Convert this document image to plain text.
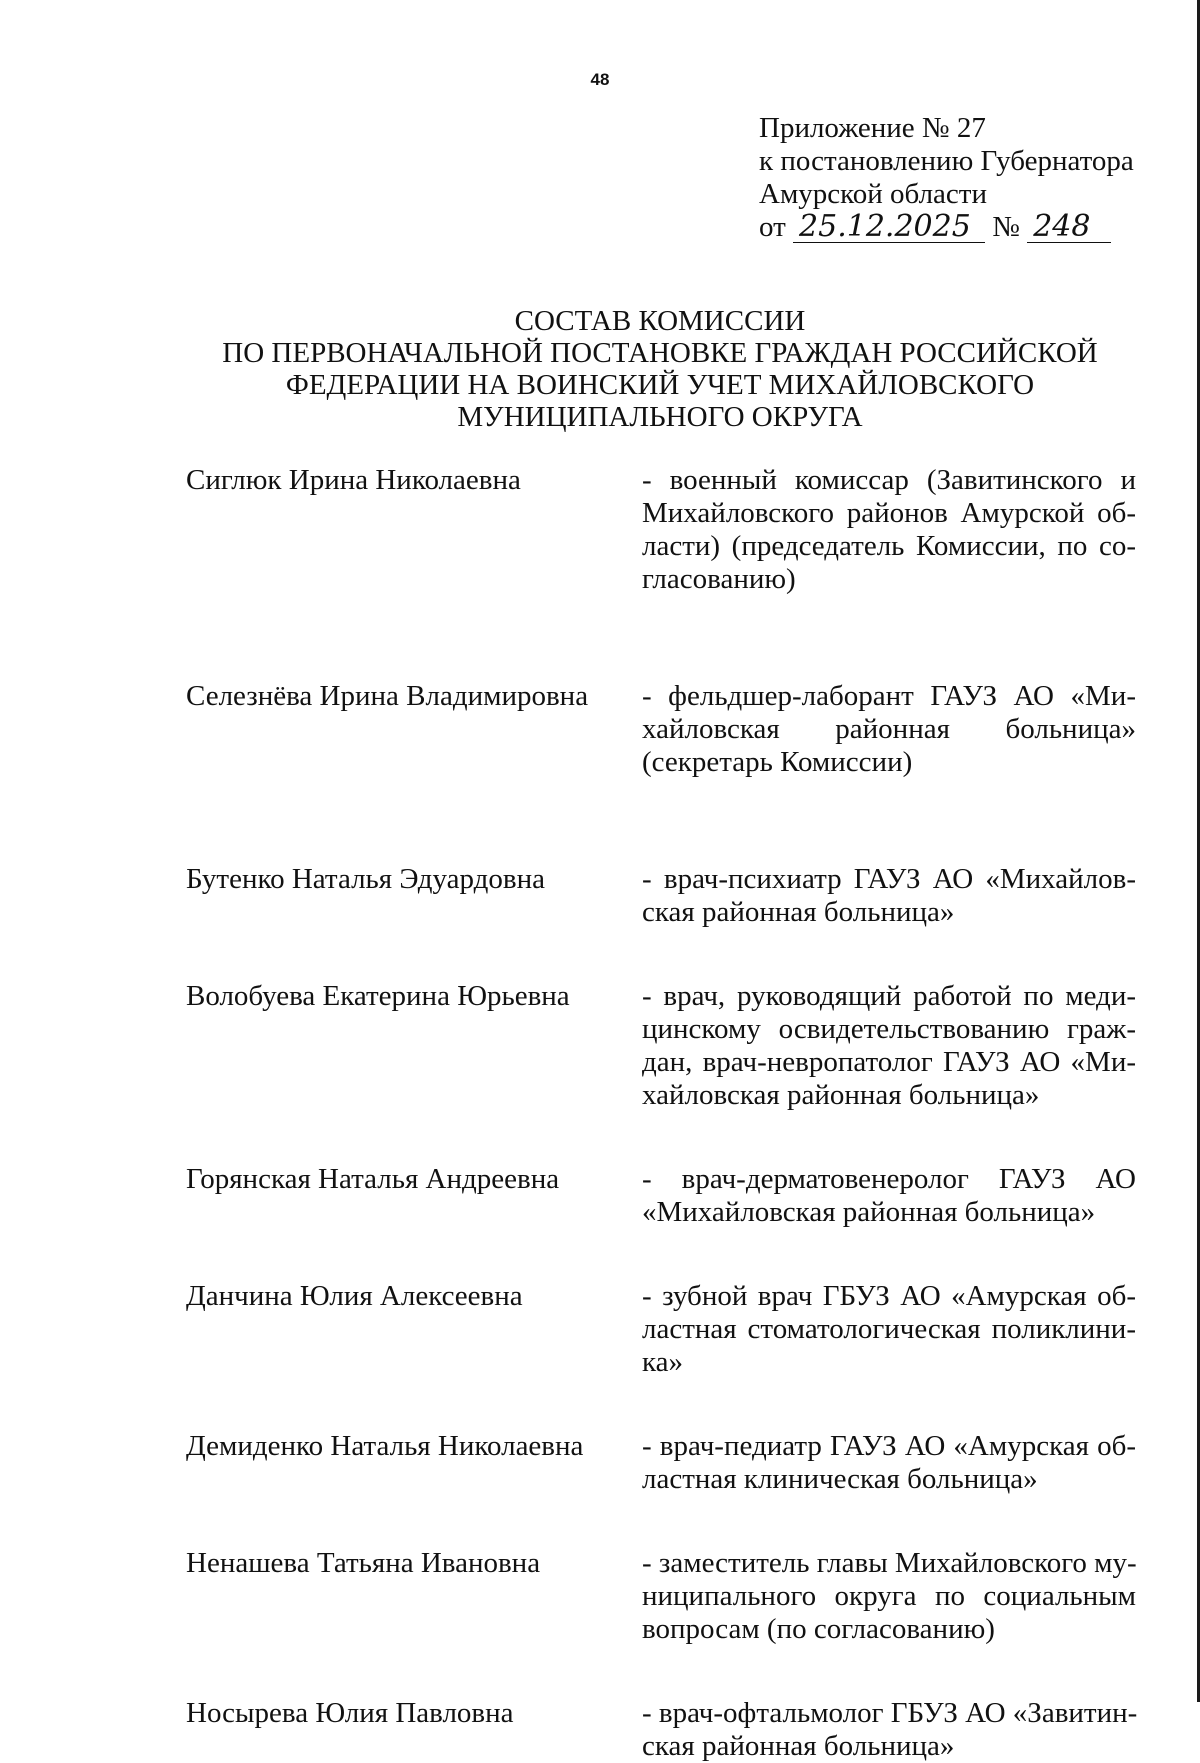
48
Приложение № 27
к постановлению Губернатора
Амурской области
от 25.12.2025 № 248
СОСТАВ КОМИССИИ
ПО ПЕРВОНАЧАЛЬНОЙ ПОСТАНОВКЕ ГРАЖДАН РОССИЙСКОЙ
ФЕДЕРАЦИИ НА ВОИНСКИЙ УЧЕТ МИХАЙЛОВСКОГО
МУНИЦИПАЛЬНОГО ОКРУГА
Сиглюк Ирина Николаевна	- военный комиссар (Завитинского и
Михайловского районов Амурской об-
ласти) (председатель Комиссии, по со-
гласованию)
Селезнёва Ирина Владимировна	- фельдшер-лаборант ГАУЗ АО «Ми-
хайловская районная больница»
(секретарь Комиссии)
Бутенко Наталья Эдуардовна	- врач-психиатр ГАУЗ АО «Михайлов-
ская районная больница»
Волобуева Екатерина Юрьевна	- врач, руководящий работой по меди-
цинскому освидетельствованию граж-
дан, врач-невропатолог ГАУЗ АО «Ми-
хайловская районная больница»
Горянская Наталья Андреевна	- врач-дерматовенеролог ГАУЗ АО
«Михайловская районная больница»
Данчина Юлия Алексеевна	- зубной врач ГБУЗ АО «Амурская об-
ластная стоматологическая поликлини-
ка»
Демиденко Наталья Николаевна	- врач-педиатр ГАУЗ АО «Амурская об-
ластная клиническая больница»
Ненашева Татьяна Ивановна	- заместитель главы Михайловского му-
ниципального округа по социальным
вопросам (по согласованию)
Носырева Юлия Павловна	- врач-офтальмолог ГБУЗ АО «Завитин-
ская районная больница»
